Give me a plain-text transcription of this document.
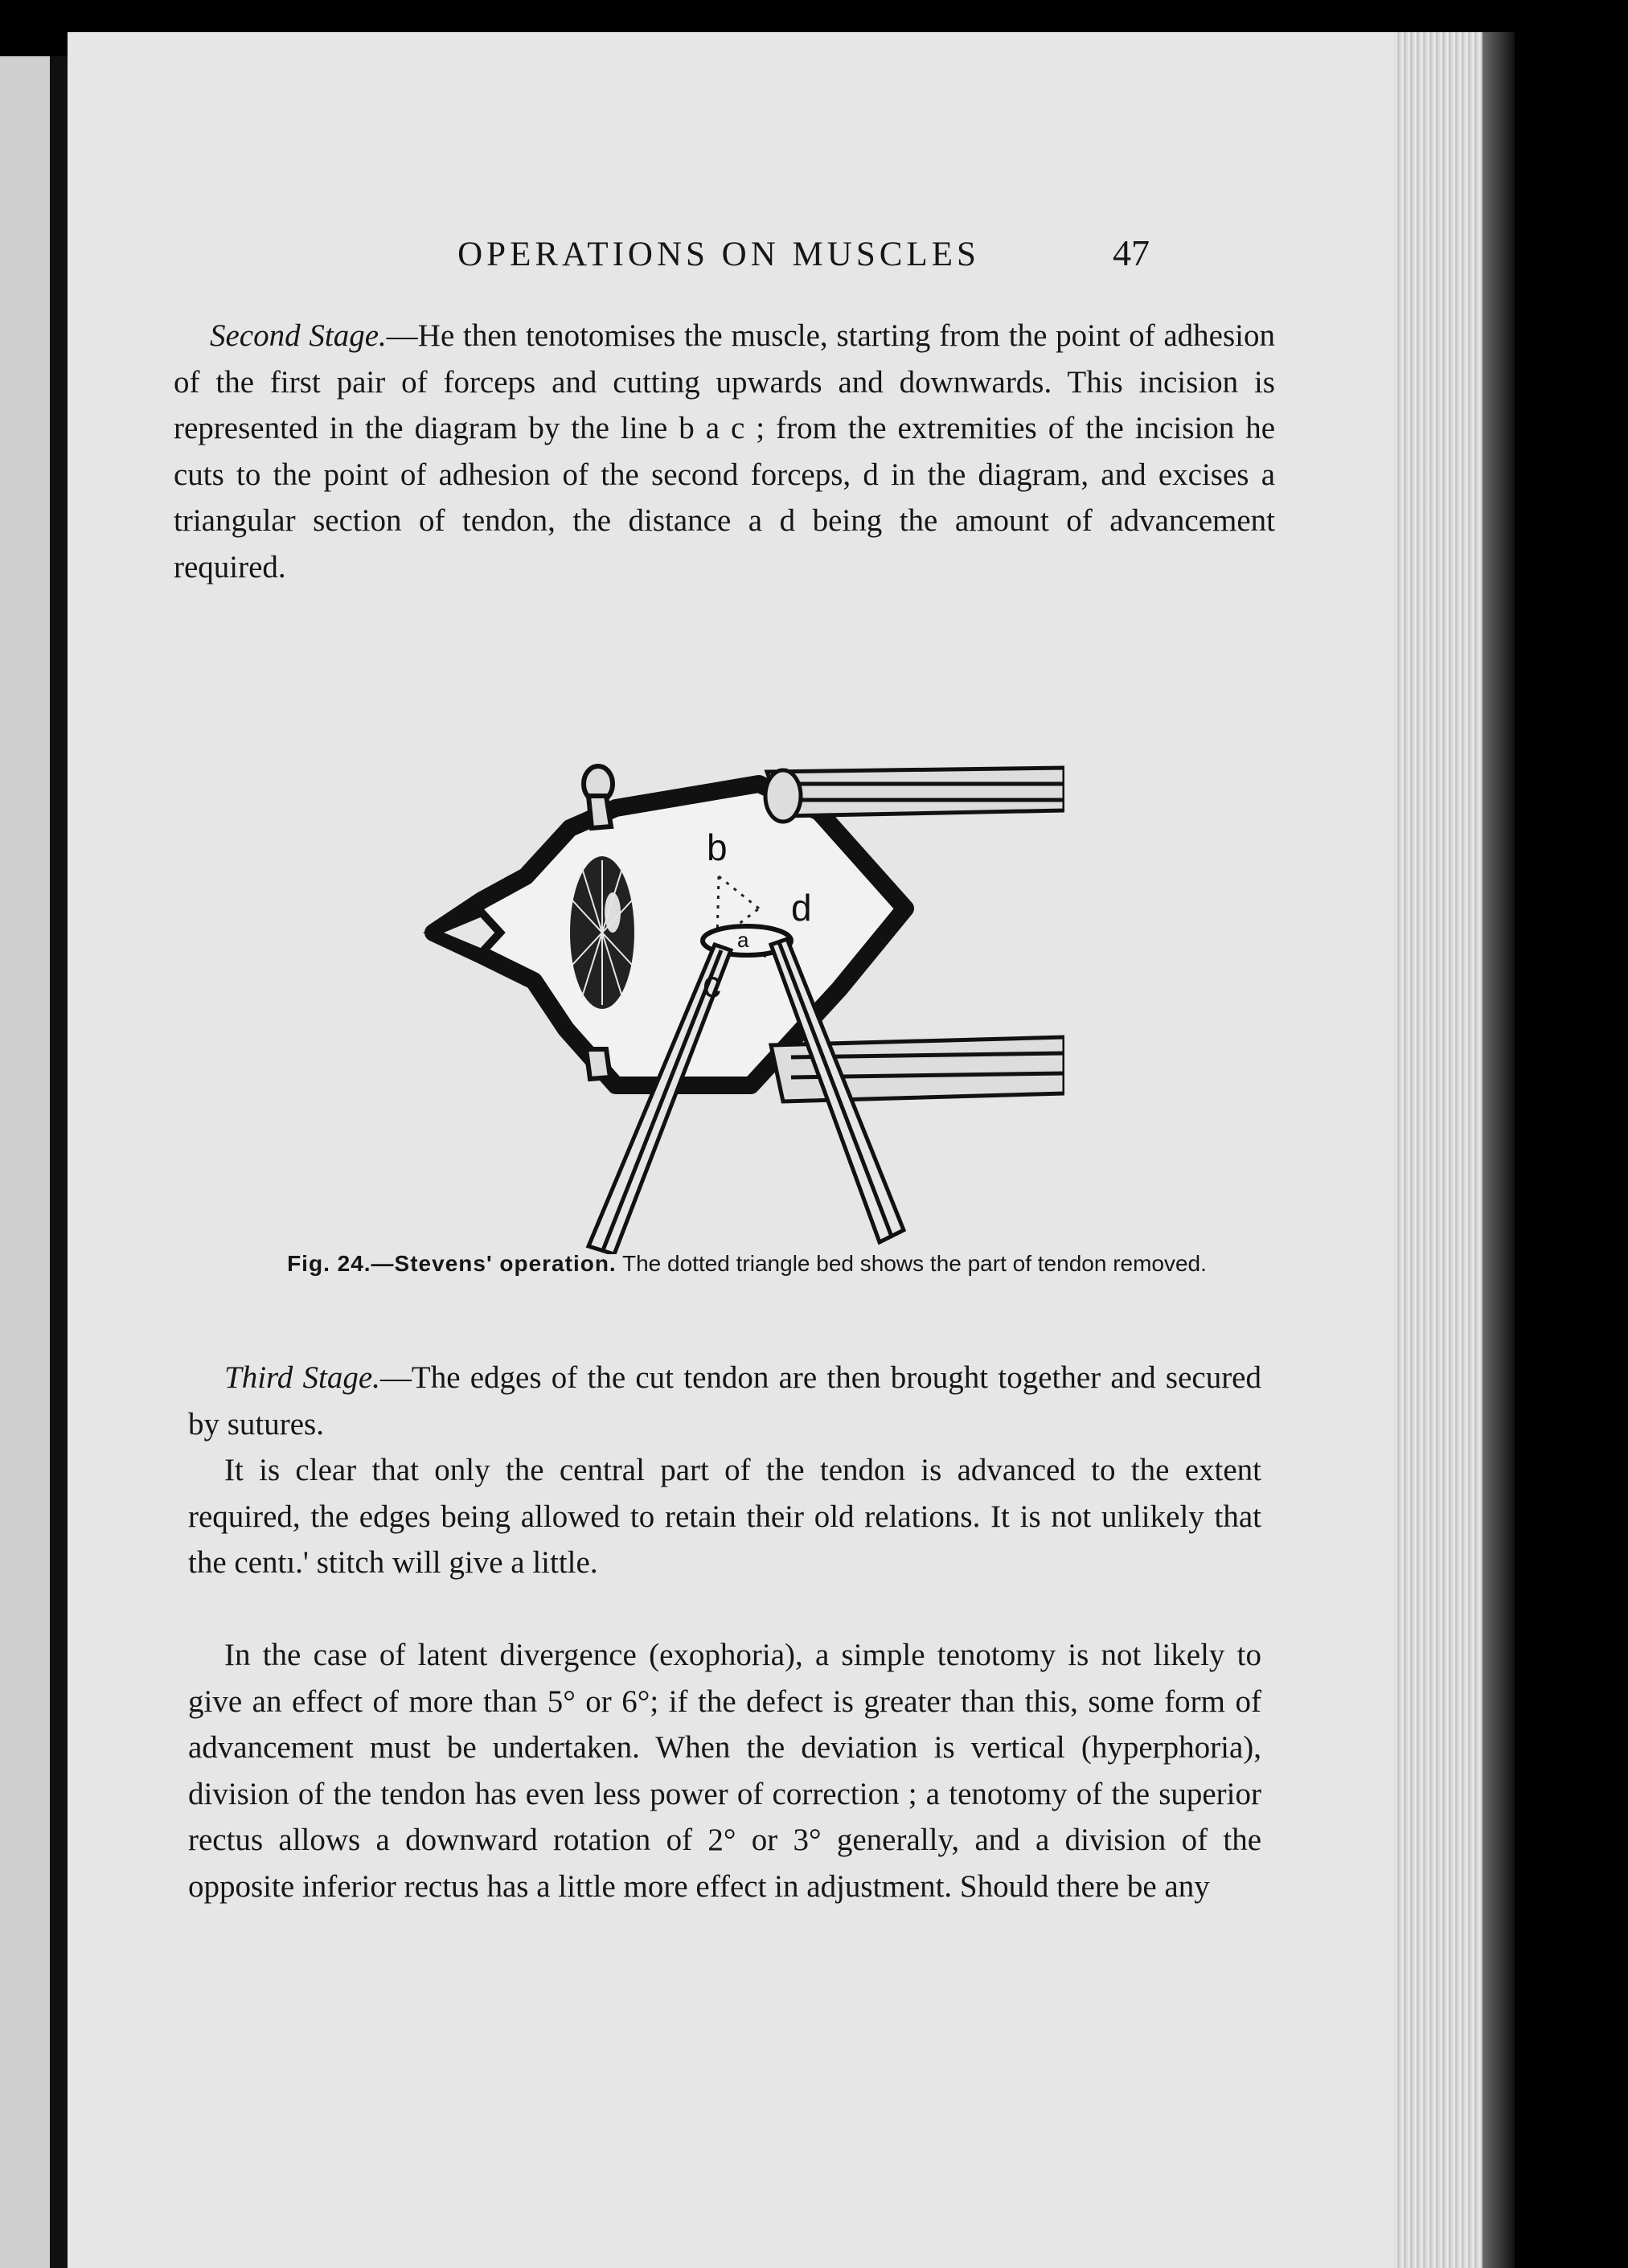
OPERATIONS ON MUSCLES	47

Second Stage.—He then tenotomises the muscle, starting from the point of adhesion of the first pair of forceps and cutting upwards and downwards. This incision is represented in the diagram by the line b a c ; from the extremities of the incision he cuts to the point of adhesion of the second forceps, d in the diagram, and excises a triangular section of tendon, the distance a d being the amount of advancement required.

b
d
a
c
Fig. 24.—Stevens' operation. The dotted triangle bed shows the part of tendon removed.

Third Stage.—The edges of the cut tendon are then brought together and secured by sutures.

It is clear that only the central part of the tendon is advanced to the extent required, the edges being allowed to retain their old relations. It is not unlikely that the centı.' stitch will give a little.

In the case of latent divergence (exophoria), a simple tenotomy is not likely to give an effect of more than 5° or 6°; if the defect is greater than this, some form of advancement must be undertaken. When the deviation is vertical (hyperphoria), division of the tendon has even less power of correction ; a tenotomy of the superior rectus allows a downward rotation of 2° or 3° generally, and a division of the opposite inferior rectus has a little more effect in adjustment. Should there be any
